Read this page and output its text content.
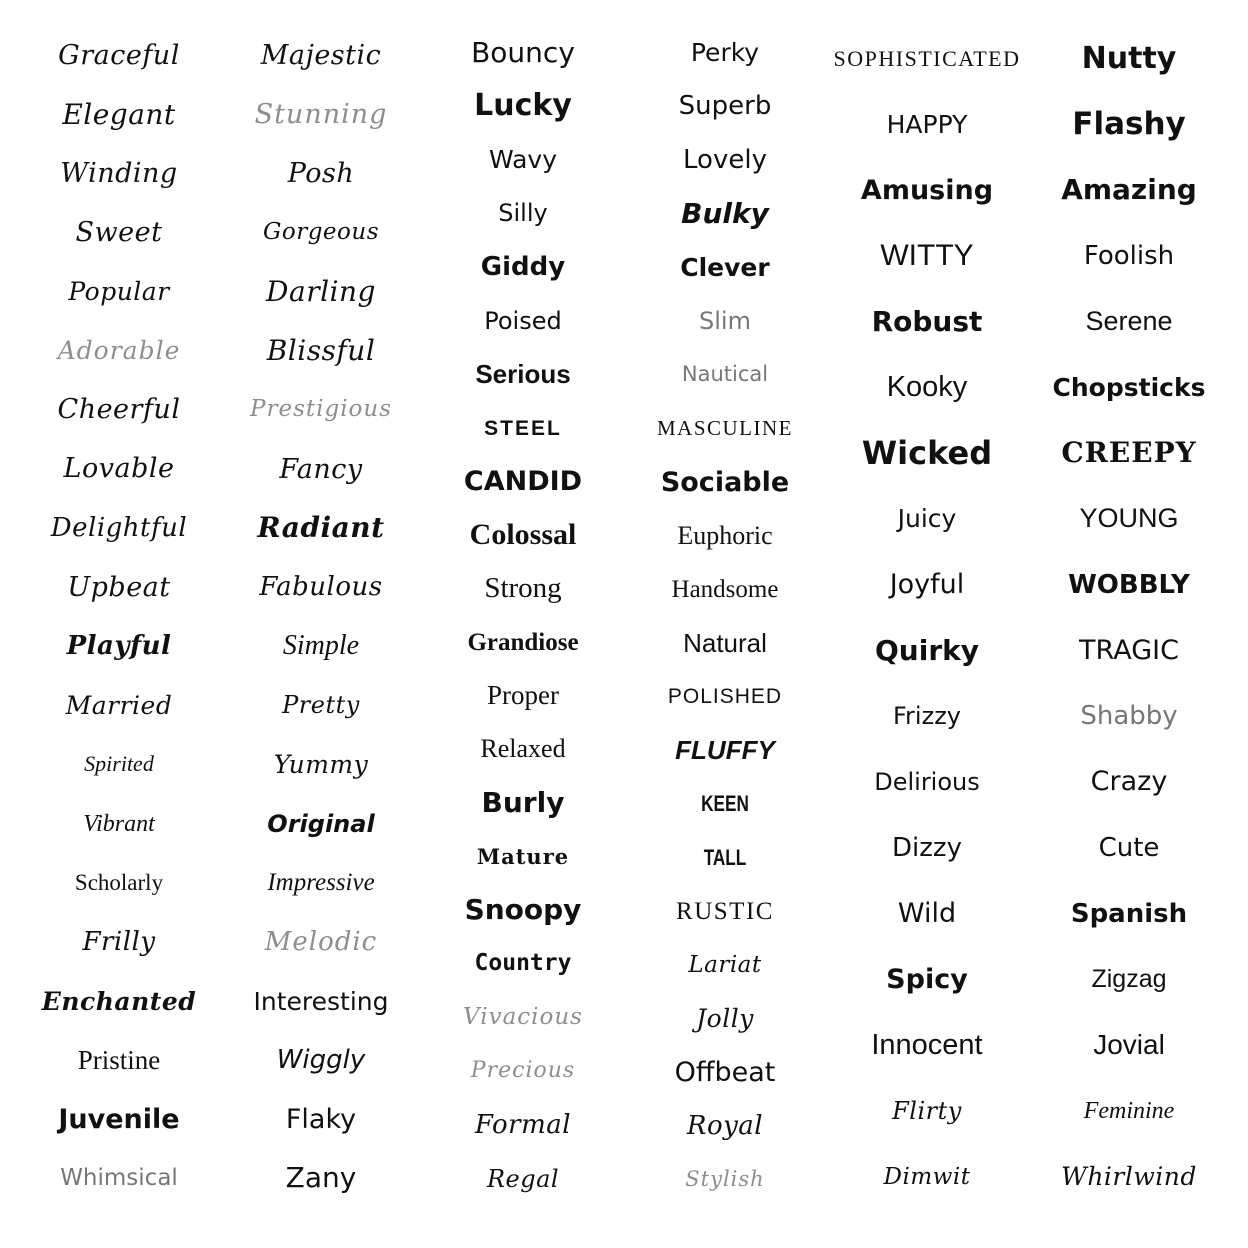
Graceful
Elegant
Winding
Sweet
Popular
Adorable
Cheerful
Lovable
Delightful
Upbeat
Playful
Married
Spirited
Vibrant
Scholarly
Frilly
Enchanted
Pristine
Juvenile
Whimsical
Majestic
Stunning
Posh
Gorgeous
Darling
Blissful
Prestigious
Fancy
Radiant
Fabulous
Simple
Pretty
Yummy
Original
Impressive
Melodic
Interesting
Wiggly
Flaky
Zany
Bouncy
Lucky
Wavy
Silly
Giddy
Poised
Serious
STEEL
CANDID
Colossal
Strong
Grandiose
Proper
Relaxed
Burly
Mature
Snoopy
Country
Vivacious
Precious
Formal
Regal
Perky
Superb
Lovely
Bulky
Clever
Slim
Nautical
MASCULINE
Sociable
Euphoric
Handsome
Natural
POLISHED
FLUFFY
KEEN
TALL
RUSTIC
Lariat
Jolly
Offbeat
Royal
Stylish
SOPHISTICATED
HAPPY
Amusing
WITTY
Robust
Kooky
Wicked
Juicy
Joyful
Quirky
Frizzy
Delirious
Dizzy
Wild
Spicy
Innocent
Flirty
Dimwit
Nutty
Flashy
Amazing
Foolish
Serene
Chopsticks
CREEPY
YOUNG
WOBBLY
TRAGIC
Shabby
Crazy
Cute
Spanish
Zigzag
Jovial
Feminine
Whirlwind
